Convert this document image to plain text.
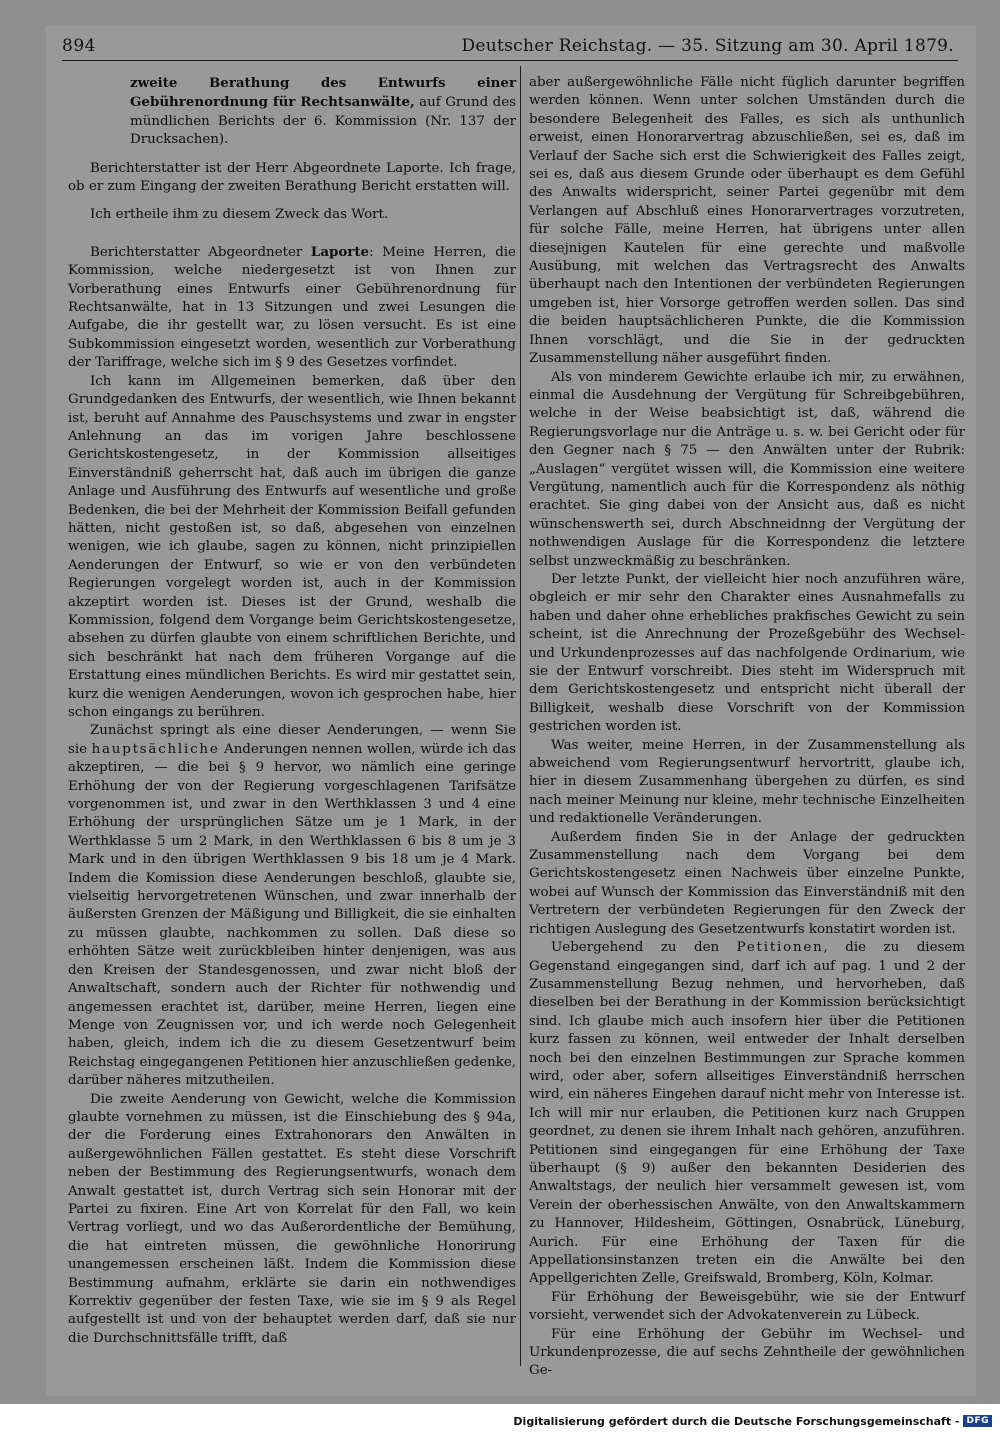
894	Deutscher Reichstag. — 35. Sitzung am 30. April 1879.

zweite Berathung des Entwurfs einer Gebührenordnung für Rechtsanwälte, auf Grund des mündlichen Berichts der 6. Kommission (Nr. 137 der Drucksachen).

Berichterstatter ist der Herr Abgeordnete Laporte. Ich frage, ob er zum Eingang der zweiten Berathung Bericht erstatten will.

Ich ertheile ihm zu diesem Zweck das Wort.

Berichterstatter Abgeordneter Laporte: Meine Herren, die Kommission, welche niedergesetzt ist von Ihnen zur Vorberathung eines Entwurfs einer Gebührenordnung für Rechtsanwälte, hat in 13 Sitzungen und zwei Lesungen die Aufgabe, die ihr gestellt war, zu lösen versucht. Es ist eine Subkommission eingesetzt worden, wesentlich zur Vorberathung der Tariffrage, welche sich im § 9 des Gesetzes vorfindet.

Ich kann im Allgemeinen bemerken, daß über den Grundgedanken des Entwurfs, der wesentlich, wie Ihnen bekannt ist, beruht auf Annahme des Pauschsystems und zwar in engster Anlehnung an das im vorigen Jahre beschlossene Gerichtskostengesetz, in der Kommission allseitiges Einverständniß geherrscht hat, daß auch im übrigen die ganze Anlage und Ausführung des Entwurfs auf wesentliche und große Bedenken, die bei der Mehrheit der Kommission Beifall gefunden hätten, nicht gestoßen ist, so daß, abgesehen von einzelnen wenigen, wie ich glaube, sagen zu können, nicht prinzipiellen Aenderungen der Entwurf, so wie er von den verbündeten Regierungen vorgelegt worden ist, auch in der Kommission akzeptirt worden ist. Dieses ist der Grund, weshalb die Kommission, folgend dem Vorgange beim Gerichtskostengesetze, absehen zu dürfen glaubte von einem schriftlichen Berichte, und sich beschränkt hat nach dem früheren Vorgange auf die Erstattung eines mündlichen Berichts. Es wird mir gestattet sein, kurz die wenigen Aenderungen, wovon ich gesprochen habe, hier schon eingangs zu berühren.

Zunächst springt als eine dieser Aenderungen, — wenn Sie sie hauptsächliche Anderungen nennen wollen, würde ich das akzeptiren, — die bei § 9 hervor, wo nämlich eine geringe Erhöhung der von der Regierung vorgeschlagenen Tarifsätze vorgenommen ist, und zwar in den Werthklassen 3 und 4 eine Erhöhung der ursprünglichen Sätze um je 1 Mark, in der Werthklasse 5 um 2 Mark, in den Werthklassen 6 bis 8 um je 3 Mark und in den übrigen Werthklassen 9 bis 18 um je 4 Mark. Indem die Komission diese Aenderungen beschloß, glaubte sie, vielseitig hervorgetretenen Wünschen, und zwar innerhalb der äußersten Grenzen der Mäßigung und Billigkeit, die sie einhalten zu müssen glaubte, nachkommen zu sollen. Daß diese so erhöhten Sätze weit zurückbleiben hinter denjenigen, was aus den Kreisen der Standesgenossen, und zwar nicht bloß der Anwaltschaft, sondern auch der Richter für nothwendig und angemessen erachtet ist, darüber, meine Herren, liegen eine Menge von Zeugnissen vor, und ich werde noch Gelegenheit haben, gleich, indem ich die zu diesem Gesetzentwurf beim Reichstag eingegangenen Petitionen hier anzuschließen gedenke, darüber näheres mitzutheilen.

Die zweite Aenderung von Gewicht, welche die Kommission glaubte vornehmen zu müssen, ist die Einschiebung des § 94a, der die Forderung eines Extrahonorars den Anwälten in außergewöhnlichen Fällen gestattet. Es steht diese Vorschrift neben der Bestimmung des Regierungsentwurfs, wonach dem Anwalt gestattet ist, durch Vertrag sich sein Honorar mit der Partei zu fixiren. Eine Art von Korrelat für den Fall, wo kein Vertrag vorliegt, und wo das Außerordentliche der Bemühung, die hat eintreten müssen, die gewöhnliche Honorirung unangemessen erscheinen läßt. Indem die Kommission diese Bestimmung aufnahm, erklärte sie darin ein nothwendiges Korrektiv gegenüber der festen Taxe, wie sie im § 9 als Regel aufgestellt ist und von der behauptet werden darf, daß sie nur die Durchschnittsfälle trifft, daß

aber außergewöhnliche Fälle nicht füglich darunter begriffen werden können. Wenn unter solchen Umständen durch die besondere Belegenheit des Falles, es sich als unthunlich erweist, einen Honorarvertrag abzuschließen, sei es, daß im Verlauf der Sache sich erst die Schwierigkeit des Falles zeigt, sei es, daß aus diesem Grunde oder überhaupt es dem Gefühl des Anwalts widerspricht, seiner Partei gegenübr mit dem Verlangen auf Abschluß eines Honorarvertrages vorzutreten, für solche Fälle, meine Herren, hat übrigens unter allen diesejnigen Kautelen für eine gerechte und maßvolle Ausübung, mit welchen das Vertragsrecht des Anwalts überhaupt nach den Intentionen der verbündeten Regierungen umgeben ist, hier Vorsorge getroffen werden sollen. Das sind die beiden hauptsächlicheren Punkte, die die Kommission Ihnen vorschlägt, und die Sie in der gedruckten Zusammenstellung näher ausgeführt finden.

Als von minderem Gewichte erlaube ich mir, zu erwähnen, einmal die Ausdehnung der Vergütung für Schreibgebühren, welche in der Weise beabsichtigt ist, daß, während die Regierungsvorlage nur die Anträge u. s. w. bei Gericht oder für den Gegner nach § 75 — den Anwälten unter der Rubrik: „Auslagen“ vergütet wissen will, die Kommission eine weitere Vergütung, namentlich auch für die Korrespondenz als nöthig erachtet. Sie ging dabei von der Ansicht aus, daß es nicht wünschenswerth sei, durch Abschneidnng der Vergütung der nothwendigen Auslage für die Korrespondenz die letztere selbst unzweckmäßig zu beschränken.

Der letzte Punkt, der vielleicht hier noch anzuführen wäre, obgleich er mir sehr den Charakter eines Ausnahmefalls zu haben und daher ohne erhebliches prakfisches Gewicht zu sein scheint, ist die Anrechnung der Prozeßgebühr des Wechsel- und Urkundenprozesses auf das nachfolgende Ordinarium, wie sie der Entwurf vorschreibt. Dies steht im Widerspruch mit dem Gerichtskostengesetz und entspricht nicht überall der Billigkeit, weshalb diese Vorschrift von der Kommission gestrichen worden ist.

Was weiter, meine Herren, in der Zusammenstellung als abweichend vom Regierungsentwurf hervortritt, glaube ich, hier in diesem Zusammenhang übergehen zu dürfen, es sind nach meiner Meinung nur kleine, mehr technische Einzelheiten und redaktionelle Veränderungen.

Außerdem finden Sie in der Anlage der gedruckten Zusammenstellung nach dem Vorgang bei dem Gerichtskostengesetz einen Nachweis über einzelne Punkte, wobei auf Wunsch der Kommission das Einverständniß mit den Vertretern der verbündeten Regierungen für den Zweck der richtigen Auslegung des Gesetzentwurfs konstatirt worden ist.

Uebergehend zu den Petitionen, die zu diesem Gegenstand eingegangen sind, darf ich auf pag. 1 und 2 der Zusammenstellung Bezug nehmen, und hervorheben, daß dieselben bei der Berathung in der Kommission berücksichtigt sind. Ich glaube mich auch insofern hier über die Petitionen kurz fassen zu können, weil entweder der Inhalt derselben noch bei den einzelnen Bestimmungen zur Sprache kommen wird, oder aber, sofern allseitiges Einverständniß herrschen wird, ein näheres Eingehen darauf nicht mehr von Interesse ist. Ich will mir nur erlauben, die Petitionen kurz nach Gruppen geordnet, zu denen sie ihrem Inhalt nach gehören, anzuführen. Petitionen sind eingegangen für eine Erhöhung der Taxe überhaupt (§ 9) außer den bekannten Desiderien des Anwaltstags, der neulich hier versammelt gewesen ist, vom Verein der oberhessischen Anwälte, von den Anwaltskammern zu Hannover, Hildesheim, Göttingen, Osnabrück, Lüneburg, Aurich. Für eine Erhöhung der Taxen für die Appellationsinstanzen treten ein die Anwälte bei den Appellgerichten Zelle, Greifswald, Bromberg, Köln, Kolmar.

Für Erhöhung der Beweisgebühr, wie sie der Entwurf vorsieht, verwendet sich der Advokatenverein zu Lübeck.

Für eine Erhöhung der Gebühr im Wechsel- und Urkundenprozesse, die auf sechs Zehntheile der gewöhnlichen Ge-

Digitalisierung gefördert durch die Deutsche Forschungsgemeinschaft - DFG
